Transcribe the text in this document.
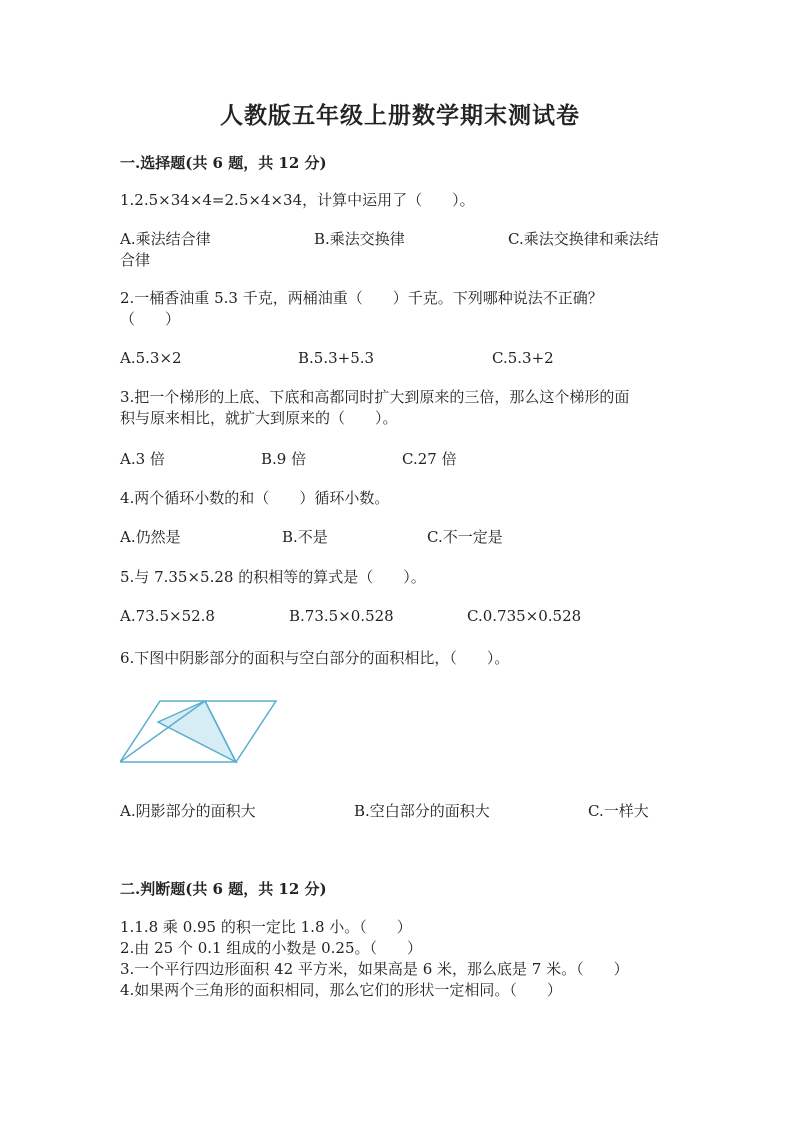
人教版五年级上册数学期末测试卷
一.选择题(共 6 题，共 12 分)
1.2.5×34×4=2.5×4×34，计算中运用了（　　）。
A.乘法结合律	B.乘法交换律	C.乘法交换律和乘法结
合律
2.一桶香油重 5.3 千克，两桶油重（　　）千克。下列哪种说法不正确？
（　　）
A.5.3×2	B.5.3+5.3	C.5.3+2
3.把一个梯形的上底、下底和高都同时扩大到原来的三倍，那么这个梯形的面
积与原来相比，就扩大到原来的（　　）。
A.3 倍	B.9 倍	C.27 倍
4.两个循环小数的和（　　）循环小数。
A.仍然是	B.不是	C.不一定是
5.与 7.35×5.28 的积相等的算式是（　　）。
A.73.5×52.8	B.73.5×0.528	C.0.735×0.528
6.下图中阴影部分的面积与空白部分的面积相比，（　　）。
A.阴影部分的面积大	B.空白部分的面积大	C.一样大
二.判断题(共 6 题，共 12 分)
1.1.8 乘 0.95 的积一定比 1.8 小。（　　）
2.由 25 个 0.1 组成的小数是 0.25。（　　）
3.一个平行四边形面积 42 平方米，如果高是 6 米，那么底是 7 米。（　　）
4.如果两个三角形的面积相同，那么它们的形状一定相同。（　　）
